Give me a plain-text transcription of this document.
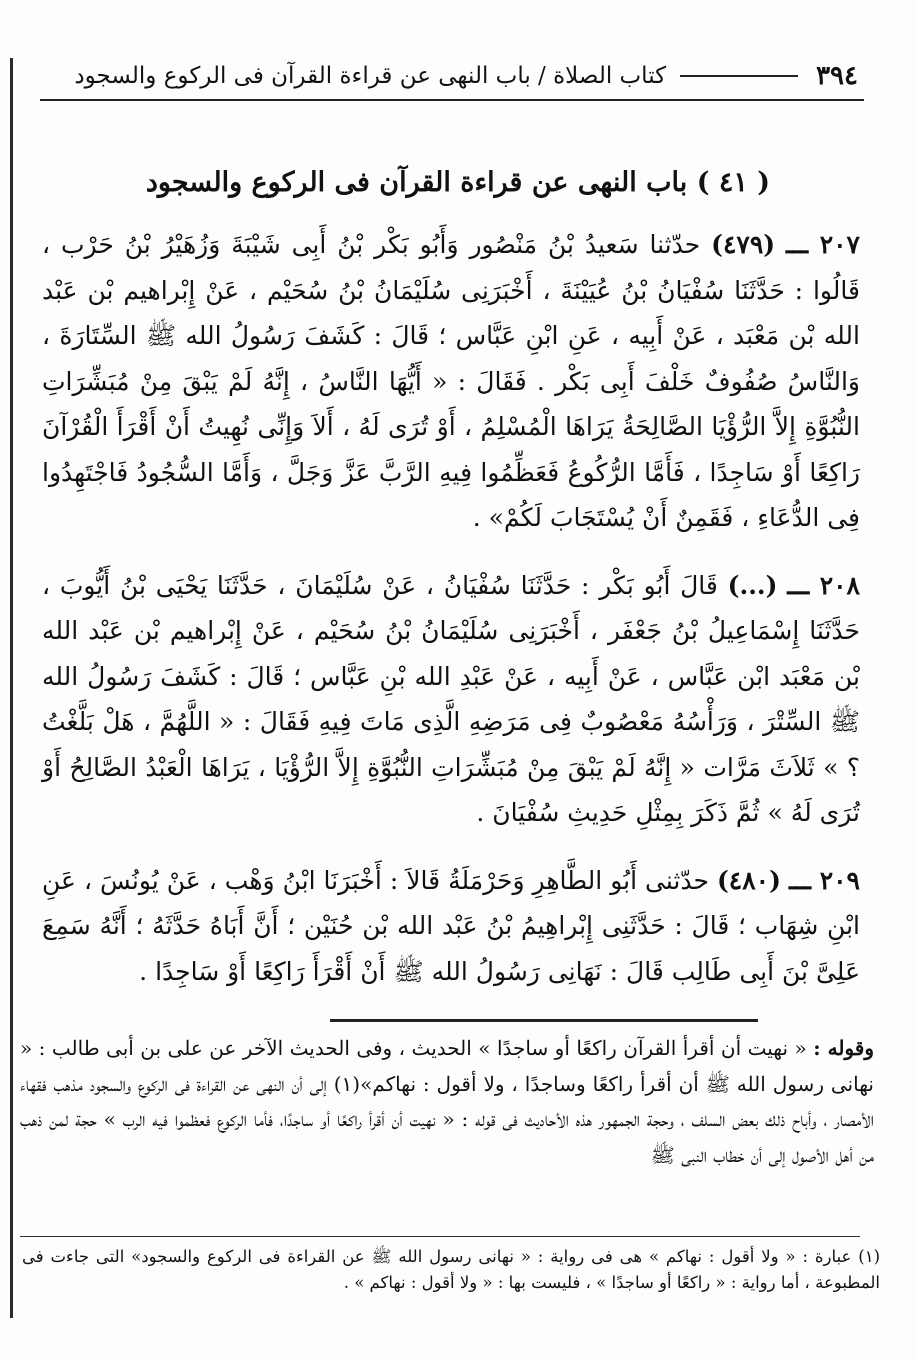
٣٩٤
كتاب الصلاة / باب النهى عن قراءة القرآن فى الركوع والسجود
( ٤١ ) باب النهى عن قراءة القرآن فى الركوع والسجود

٢٠٧ ـــ (٤٧٩) حدّثنا سَعيدُ بْنُ مَنْصُور وَأَبُو بَكْر بْنُ أَبِى شَيْبَةَ وَزُهَيْرُ بْنُ حَرْب ، قَالُوا : حَدَّثَنَا سُفْيَانُ بْنُ عُيَيْنَةَ ، أَخْبَرَنِى سُلَيْمَانُ بْنُ سُحَيْم ، عَنْ إِبْراهيم بْن عَبْد الله بْن مَعْبَد ، عَنْ أَبِيه ، عَنِ ابْنِ عَبَّاس ؛ قَالَ : كَشَفَ رَسُولُ الله ﷺ السِّتَارَةَ ، وَالنَّاسُ صُفُوفٌ خَلْفَ أَبِى بَكْر . فَقَالَ : « أَيُّهَا النَّاسُ ، إِنَّهُ لَمْ يَبْقَ مِنْ مُبَشِّرَاتِ النُّبُوَّةِ إِلاَّ الرُّؤْيَا الصَّالِحَةُ يَرَاهَا الْمُسْلِمُ ، أَوْ تُرَى لَهُ ، أَلاَ وَإِنِّى نُهِيتُ أَنْ أَقْرَأَ الْقُرْآنَ رَاكِعًا أَوْ سَاجِدًا ، فَأَمَّا الرُّكُوعُ فَعَظِّمُوا فِيهِ الرَّبَّ عَزَّ وَجَلَّ ، وَأَمَّا السُّجُودُ فَاجْتَهِدُوا فِى الدُّعَاءِ ، فَقَمِنٌ أَنْ يُسْتَجَابَ لَكُمْ» .

٢٠٨ ـــ (...) قَالَ أَبُو بَكْر : حَدَّثَنَا سُفْيَانُ ، عَنْ سُلَيْمَانَ ، حَدَّثَنَا يَحْيَى بْنُ أَيُّوبَ ، حَدَّثَنَا إِسْمَاعِيلُ بْنُ جَعْفَر ، أَخْبَرَنِى سُلَيْمَانُ بْنُ سُحَيْم ، عَنْ إِبْراهيم بْن عَبْد الله بْن مَعْبَد ابْن عَبَّاس ، عَنْ أَبِيه ، عَنْ عَبْدِ الله بْنِ عَبَّاس ؛ قَالَ : كَشَفَ رَسُولُ الله ﷺ السِّتْرَ ، وَرَأْسُهُ مَعْصُوبٌ فِى مَرَضِهِ الَّذِى مَاتَ فِيهِ فَقَالَ : « اللَّهُمَّ ، هَلْ بَلَّغْتُ ؟ » ثَلاَثَ مَرَّات « إِنَّهُ لَمْ يَبْقَ مِنْ مُبَشِّرَاتِ النُّبُوَّةِ إِلاَّ الرُّؤْيَا ، يَرَاهَا الْعَبْدُ الصَّالِحُ أَوْ تُرَى لَهُ » ثُمَّ ذَكَرَ بِمِثْلِ حَدِيثِ سُفْيَانَ .

٢٠٩ ـــ (٤٨٠) حدّثنى أَبُو الطَّاهِرِ وَحَرْمَلَةُ قَالاَ : أَخْبَرَنَا ابْنُ وَهْب ، عَنْ يُونُسَ ، عَنِ ابْنِ شِهَاب ؛ قَالَ : حَدَّثَنِى إِبْراهِيمُ بْنُ عَبْد الله بْن حُنَيْن ؛ أَنَّ أَبَاهُ حَدَّثَهُ ؛ أَنَّهُ سَمِعَ عَلِىَّ بْنَ أَبِى طَالِب قَالَ : نَهَانِى رَسُولُ الله ﷺ أَنْ أَقْرَأَ رَاكِعًا أَوْ سَاجِدًا .

وقوله : « نهيت أن أقرأ القرآن راكعًا أو ساجدًا » الحديث ، وفى الحديث الآخر عن على بن أبى طالب : « نهانى رسول الله ﷺ أن أقرأ راكعًا وساجدًا ، ولا أقول : نهاكم»(١) إلى أن النهى عن القراءة فى الركوع والسجود مذهب فقهاء الأمصار ، وأباح ذلك بعض السلف ، وحجة الجمهور هذه الأحاديث فى قوله : « نهيت أن أقرأ راكعًا أو ساجدًا، فأما الركوع فعظموا فيه الرب » حجة لمن ذهب من أهل الأصول إلى أن خطاب النبى ﷺ
(١) عبارة : « ولا أقول : نهاكم » هى فى رواية : « نهانى رسول الله ﷺ عن القراءة فى الركوع والسجود» التى جاءت فى المطبوعة ، أما رواية : « راكعًا أو ساجدًا » ، فليست بها : « ولا أقول : نهاكم » .
